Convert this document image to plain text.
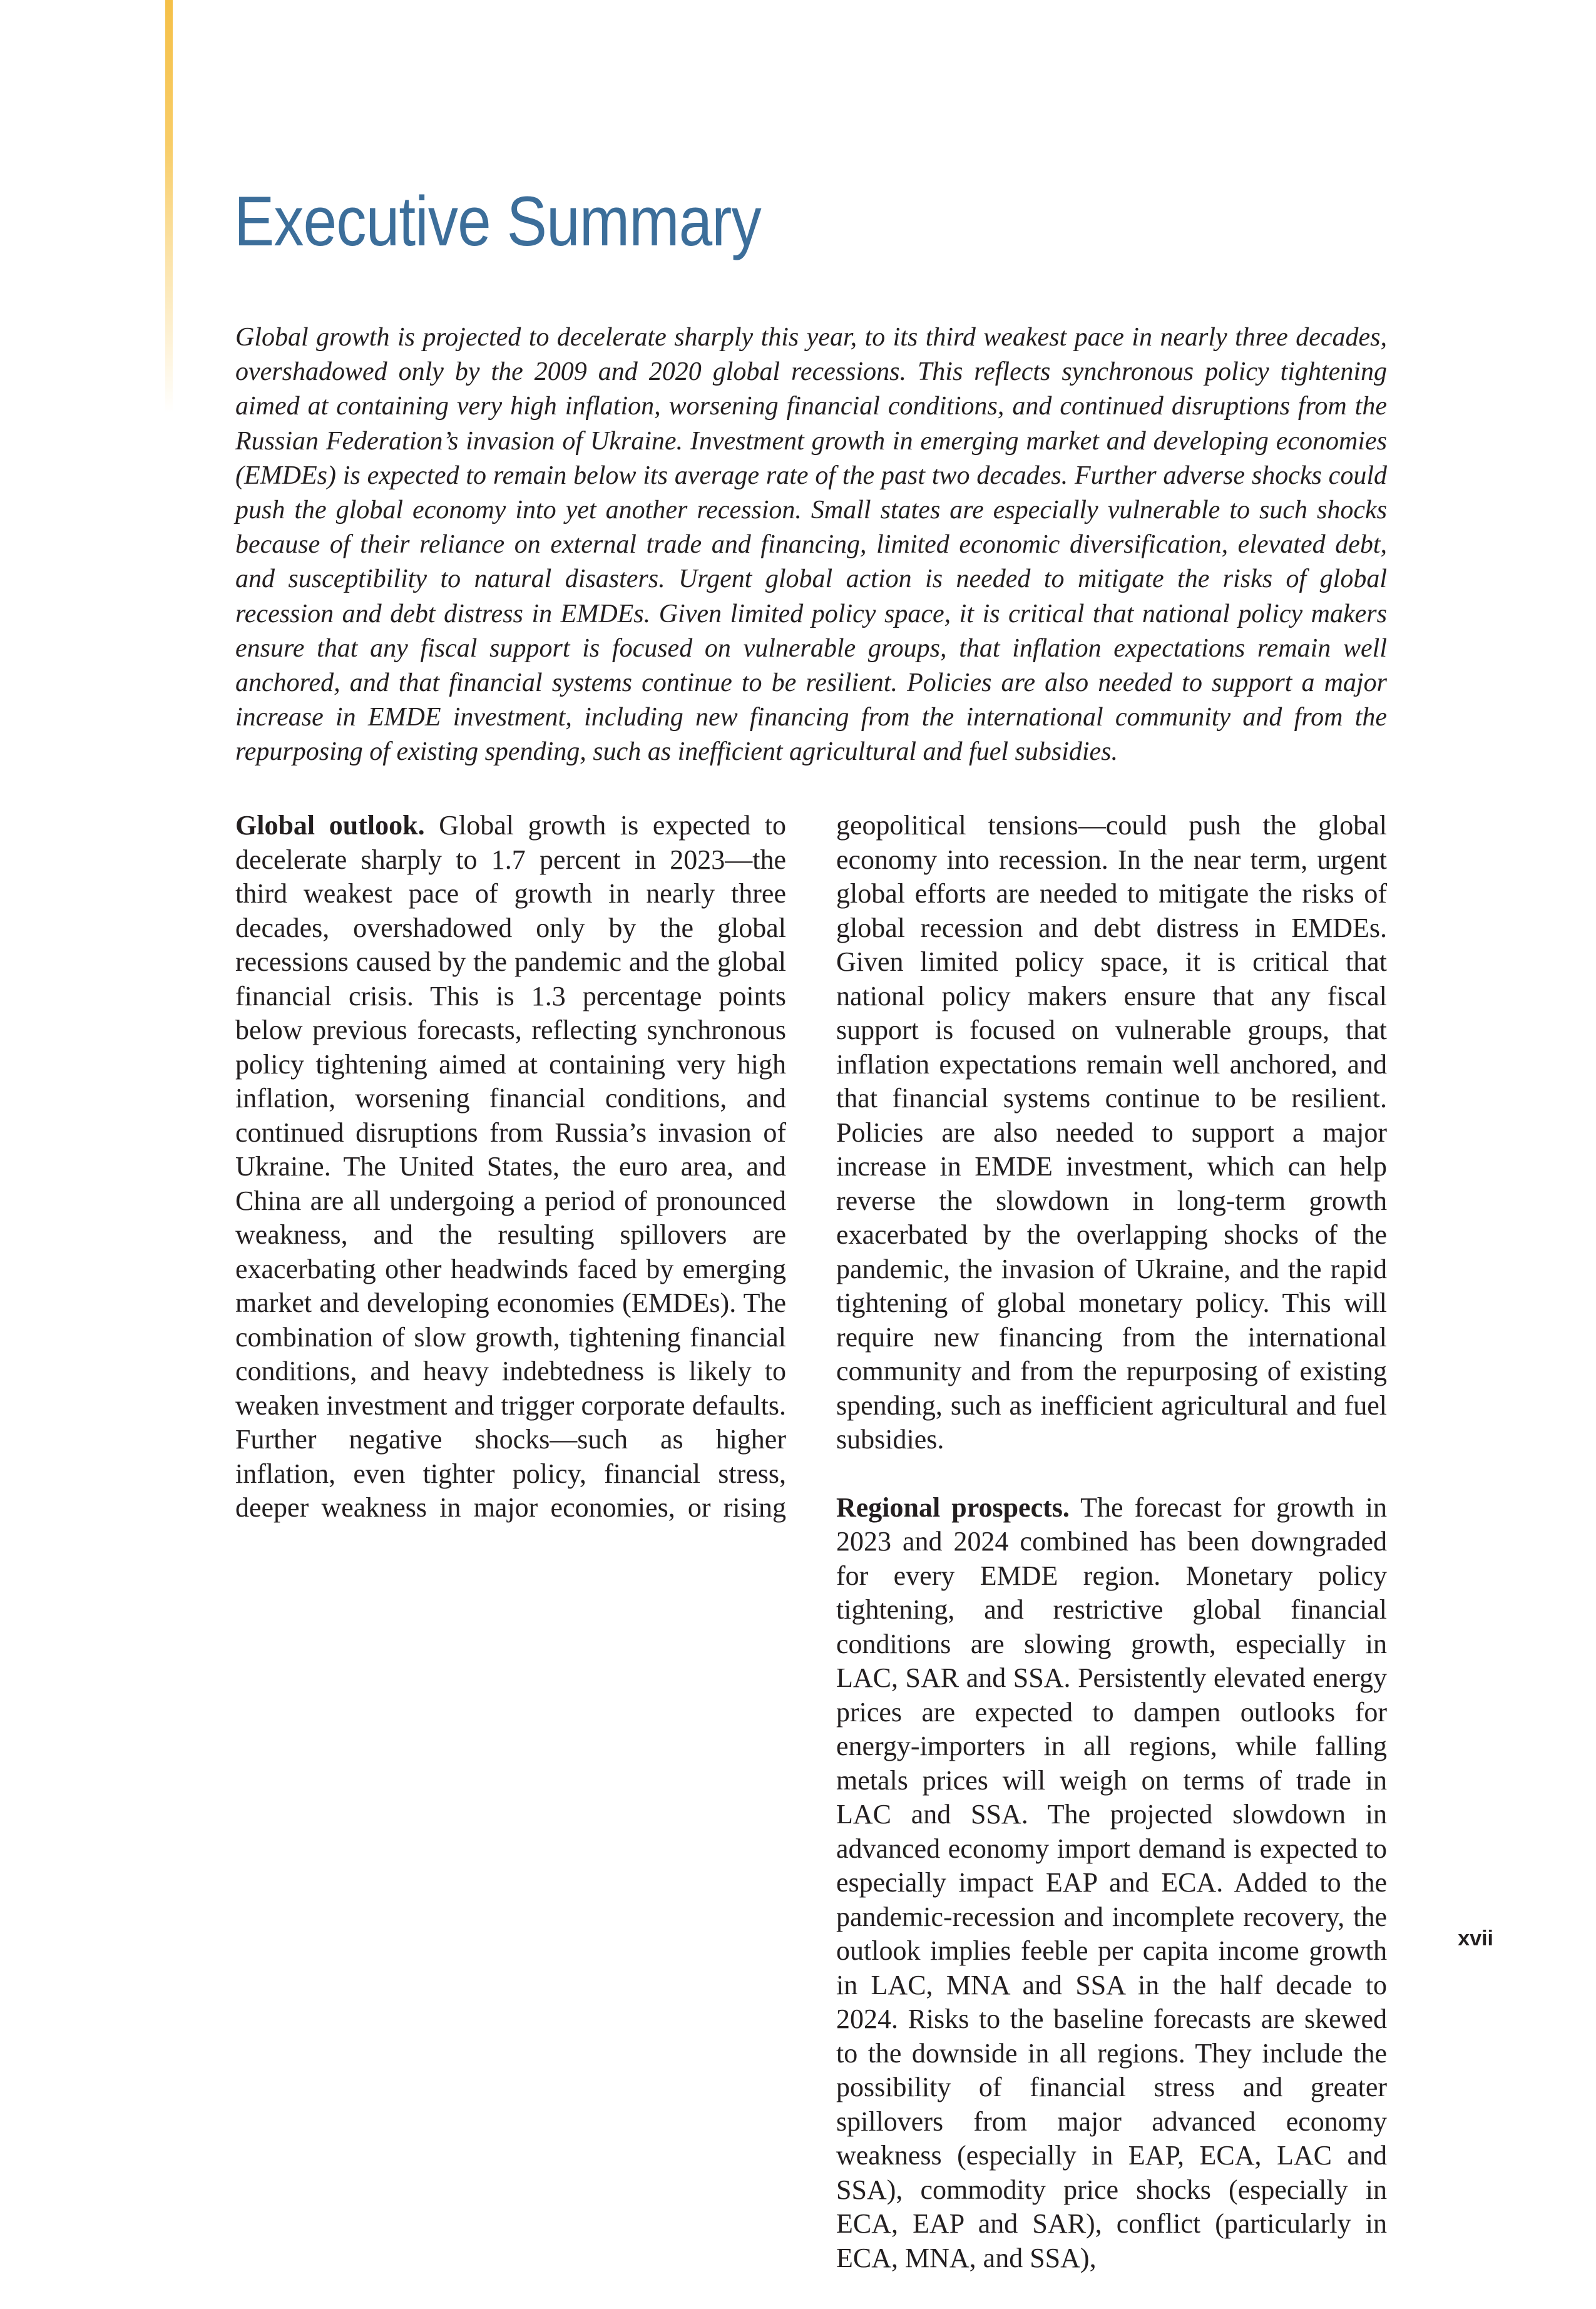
Executive Summary

Global growth is projected to decelerate sharply this year, to its third weakest pace in nearly three decades, overshadowed only by the 2009 and 2020 global recessions. This reflects synchronous policy tightening aimed at containing very high inflation, worsening financial conditions, and continued disruptions from the Russian Federation’s invasion of Ukraine. Investment growth in emerging market and developing economies (EMDEs) is expected to remain below its average rate of the past two decades. Further adverse shocks could push the global economy into yet another recession. Small states are especially vulnerable to such shocks because of their reliance on external trade and financing, limited economic diversification, elevated debt, and susceptibility to natural disasters. Urgent global action is needed to mitigate the risks of global recession and debt distress in EMDEs. Given limited policy space, it is critical that national policy makers ensure that any fiscal support is focused on vulnerable groups, that inflation expectations remain well anchored, and that financial systems continue to be resilient. Policies are also needed to support a major increase in EMDE investment, including new financing from the international community and from the repurposing of existing spending, such as inefficient agricultural and fuel subsidies.

Global outlook. Global growth is expected to decelerate sharply to 1.7 percent in 2023—the third weakest pace of growth in nearly three decades, overshadowed only by the global recessions caused by the pandemic and the global financial crisis. This is 1.3 percentage points below previous forecasts, reflecting synchronous policy tightening aimed at containing very high inflation, worsening financial conditions, and continued disruptions from Russia’s invasion of Ukraine. The United States, the euro area, and China are all undergoing a period of pronounced weakness, and the resulting spillovers are exacerbating other headwinds faced by emerging market and developing economies (EMDEs). The combination of slow growth, tightening financial conditions, and heavy indebtedness is likely to weaken investment and trigger corporate defaults. Further negative shocks—such as higher inflation, even tighter policy, financial stress, deeper weakness in major economies, or rising

geopolitical tensions—could push the global economy into recession. In the near term, urgent global efforts are needed to mitigate the risks of global recession and debt distress in EMDEs. Given limited policy space, it is critical that national policy makers ensure that any fiscal support is focused on vulnerable groups, that inflation expectations remain well anchored, and that financial systems continue to be resilient. Policies are also needed to support a major increase in EMDE investment, which can help reverse the slowdown in long-term growth exacerbated by the overlapping shocks of the pandemic, the invasion of Ukraine, and the rapid tightening of global monetary policy. This will require new financing from the international community and from the repurposing of existing spending, such as inefficient agricultural and fuel subsidies.

Regional prospects. The forecast for growth in 2023 and 2024 combined has been downgraded for every EMDE region. Monetary policy tightening, and restrictive global financial conditions are slowing growth, especially in LAC, SAR and SSA. Persistently elevated energy prices are expected to dampen outlooks for energy-importers in all regions, while falling metals prices will weigh on terms of trade in LAC and SSA. The projected slowdown in advanced economy import demand is expected to especially impact EAP and ECA. Added to the pandemic-recession and incomplete recovery, the outlook implies feeble per capita income growth in LAC, MNA and SSA in the half decade to 2024. Risks to the baseline forecasts are skewed to the downside in all regions. They include the possibility of financial stress and greater spillovers from major advanced economy weakness (especially in EAP, ECA, LAC and SSA), commodity price shocks (especially in ECA, EAP and SAR), conflict (particularly in ECA, MNA, and SSA),

xvii
